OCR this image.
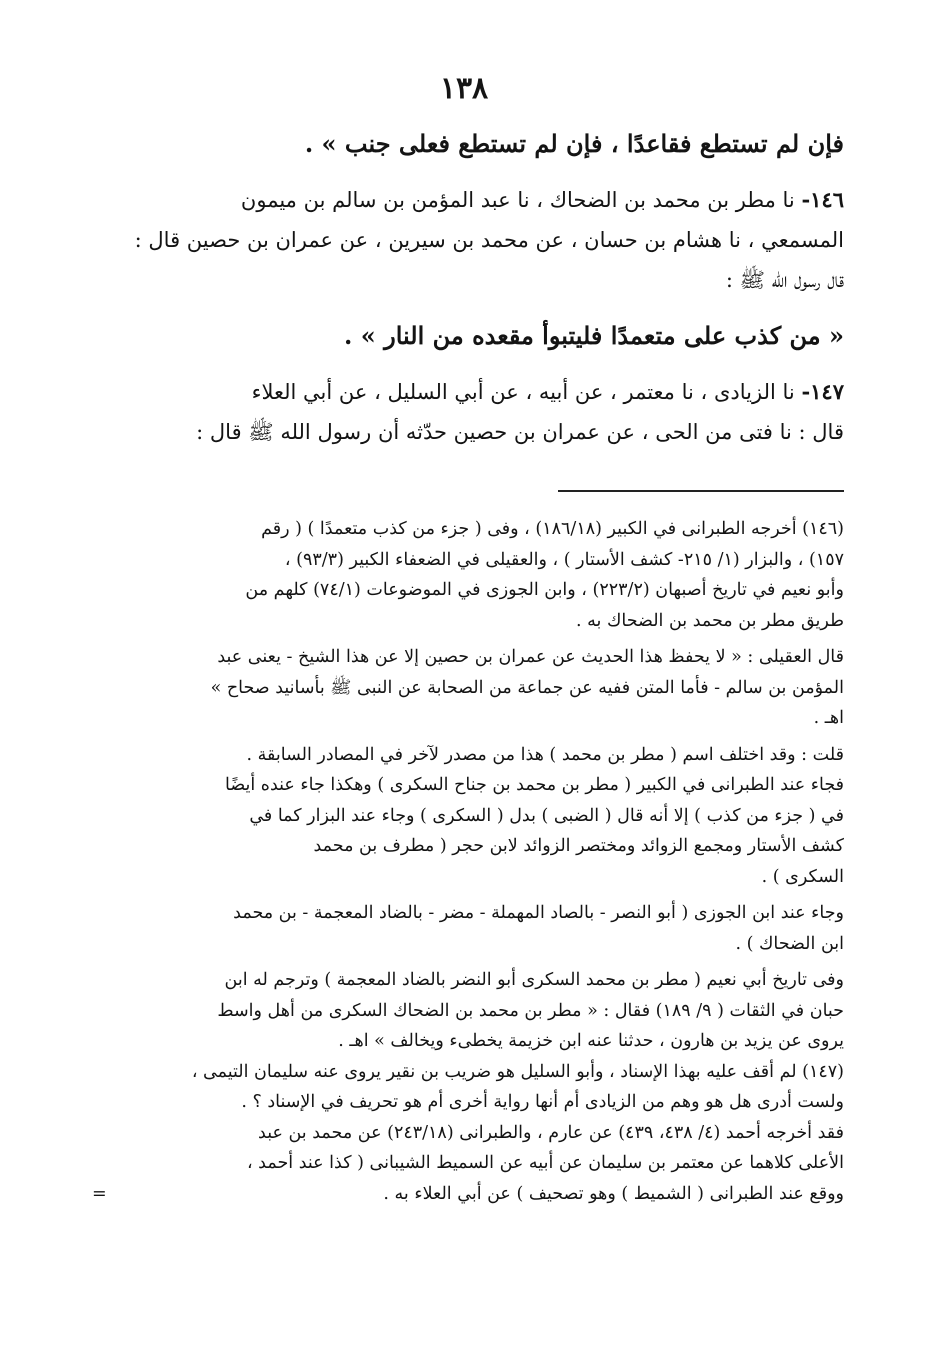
١٣٨
فإن لم تستطع فقاعدًا ، فإن لم تستطع فعلى جنب » .
١٤٦- نا مطر بن محمد بن الضحاك ، نا عبد المؤمن بن سالم بن ميمون
المسمعي ، نا هشام بن حسان ، عن محمد بن سيرين ، عن عمران بن حصين قال :
قال رسول الله ﷺ :
« من كذب على متعمدًا فليتبوأ مقعده من النار » .
١٤٧- نا الزيادى ، نا معتمر ، عن أبيه ، عن أبي السليل ، عن أبي العلاء
قال : نا فتى من الحى ، عن عمران بن حصين حدّثه أن رسول الله ﷺ قال :
(١٤٦) أخرجه الطبرانى في الكبير (١٨٦/١٨) ، وفى ( جزء من كذب متعمدًا ) ( رقم
١٥٧) ، والبزار (١/ ٢١٥- كشف الأستار ) ، والعقيلى في الضعفاء الكبير (٩٣/٣) ،
وأبو نعيم في تاريخ أصبهان (٢٢٣/٢) ، وابن الجوزى في الموضوعات (٧٤/١) كلهم من
طريق مطر بن محمد بن الضحاك به .
قال العقيلى : « لا يحفظ هذا الحديث عن عمران بن حصين إلا عن هذا الشيخ - يعنى عبد
المؤمن بن سالم - فأما المتن ففيه عن جماعة من الصحابة عن النبى ﷺ بأسانيد صحاح »
اهـ .
قلت : وقد اختلف اسم ( مطر بن محمد ) هذا من مصدر لآخر في المصادر السابقة .
فجاء عند الطبرانى في الكبير ( مطر بن محمد بن جناح السكرى ) وهكذا جاء عنده أيضًا
في ( جزء من كذب ) إلا أنه قال ( الضبى ) بدل ( السكرى ) وجاء عند البزار كما في
كشف الأستار ومجمع الزوائد ومختصر الزوائد لابن حجر ( مطرف بن محمد
السكرى ) .
وجاء عند ابن الجوزى ( أبو النصر - بالصاد المهملة - مضر - بالضاد المعجمة - بن محمد
ابن الضحاك ) .
وفى تاريخ أبي نعيم ( مطر بن محمد السكرى أبو النضر بالضاد المعجمة ) وترجم له ابن
حبان في الثقات ( ٩/ ١٨٩) فقال : « مطر بن محمد بن الضحاك السكرى من أهل واسط
يروى عن يزيد بن هارون ، حدثنا عنه ابن خزيمة يخطىء ويخالف » اهـ .
(١٤٧) لم أقف عليه بهذا الإسناد ، وأبو السليل هو ضريب بن نقير يروى عنه سليمان التيمى ،
ولست أدرى هل هو وهم من الزيادى أم أنها رواية أخرى أم هو تحريف في الإسناد ؟ .
فقد أخرجه أحمد (٤/ ٤٣٨، ٤٣٩) عن عارم ، والطبرانى (٢٤٣/١٨) عن محمد بن عبد
الأعلى كلاهما عن معتمر بن سليمان عن أبيه عن السميط الشيبانى ( كذا عند أحمد ،
ووقع عند الطبرانى ( الشميط ) وهو تصحيف ) عن أبي العلاء به .
=
